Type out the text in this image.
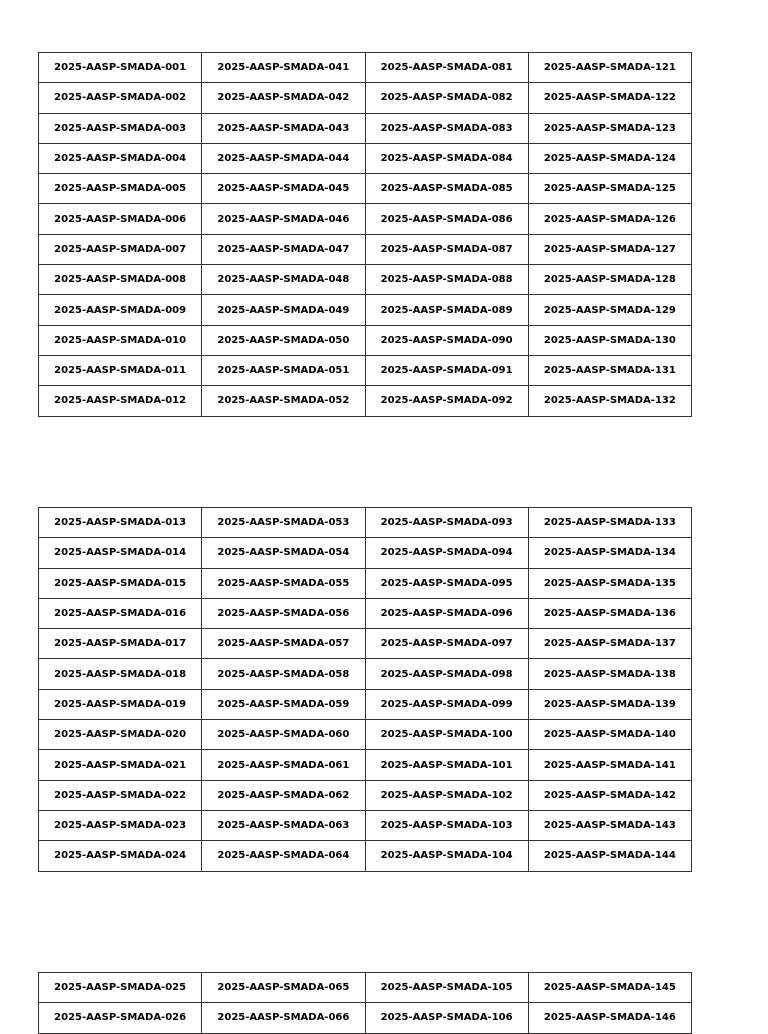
2025-AASP-SMADA-001	2025-AASP-SMADA-041	2025-AASP-SMADA-081	2025-AASP-SMADA-121
2025-AASP-SMADA-002	2025-AASP-SMADA-042	2025-AASP-SMADA-082	2025-AASP-SMADA-122
2025-AASP-SMADA-003	2025-AASP-SMADA-043	2025-AASP-SMADA-083	2025-AASP-SMADA-123
2025-AASP-SMADA-004	2025-AASP-SMADA-044	2025-AASP-SMADA-084	2025-AASP-SMADA-124
2025-AASP-SMADA-005	2025-AASP-SMADA-045	2025-AASP-SMADA-085	2025-AASP-SMADA-125
2025-AASP-SMADA-006	2025-AASP-SMADA-046	2025-AASP-SMADA-086	2025-AASP-SMADA-126
2025-AASP-SMADA-007	2025-AASP-SMADA-047	2025-AASP-SMADA-087	2025-AASP-SMADA-127
2025-AASP-SMADA-008	2025-AASP-SMADA-048	2025-AASP-SMADA-088	2025-AASP-SMADA-128
2025-AASP-SMADA-009	2025-AASP-SMADA-049	2025-AASP-SMADA-089	2025-AASP-SMADA-129
2025-AASP-SMADA-010	2025-AASP-SMADA-050	2025-AASP-SMADA-090	2025-AASP-SMADA-130
2025-AASP-SMADA-011	2025-AASP-SMADA-051	2025-AASP-SMADA-091	2025-AASP-SMADA-131
2025-AASP-SMADA-012	2025-AASP-SMADA-052	2025-AASP-SMADA-092	2025-AASP-SMADA-132
2025-AASP-SMADA-013	2025-AASP-SMADA-053	2025-AASP-SMADA-093	2025-AASP-SMADA-133
2025-AASP-SMADA-014	2025-AASP-SMADA-054	2025-AASP-SMADA-094	2025-AASP-SMADA-134
2025-AASP-SMADA-015	2025-AASP-SMADA-055	2025-AASP-SMADA-095	2025-AASP-SMADA-135
2025-AASP-SMADA-016	2025-AASP-SMADA-056	2025-AASP-SMADA-096	2025-AASP-SMADA-136
2025-AASP-SMADA-017	2025-AASP-SMADA-057	2025-AASP-SMADA-097	2025-AASP-SMADA-137
2025-AASP-SMADA-018	2025-AASP-SMADA-058	2025-AASP-SMADA-098	2025-AASP-SMADA-138
2025-AASP-SMADA-019	2025-AASP-SMADA-059	2025-AASP-SMADA-099	2025-AASP-SMADA-139
2025-AASP-SMADA-020	2025-AASP-SMADA-060	2025-AASP-SMADA-100	2025-AASP-SMADA-140
2025-AASP-SMADA-021	2025-AASP-SMADA-061	2025-AASP-SMADA-101	2025-AASP-SMADA-141
2025-AASP-SMADA-022	2025-AASP-SMADA-062	2025-AASP-SMADA-102	2025-AASP-SMADA-142
2025-AASP-SMADA-023	2025-AASP-SMADA-063	2025-AASP-SMADA-103	2025-AASP-SMADA-143
2025-AASP-SMADA-024	2025-AASP-SMADA-064	2025-AASP-SMADA-104	2025-AASP-SMADA-144
2025-AASP-SMADA-025	2025-AASP-SMADA-065	2025-AASP-SMADA-105	2025-AASP-SMADA-145
2025-AASP-SMADA-026	2025-AASP-SMADA-066	2025-AASP-SMADA-106	2025-AASP-SMADA-146
